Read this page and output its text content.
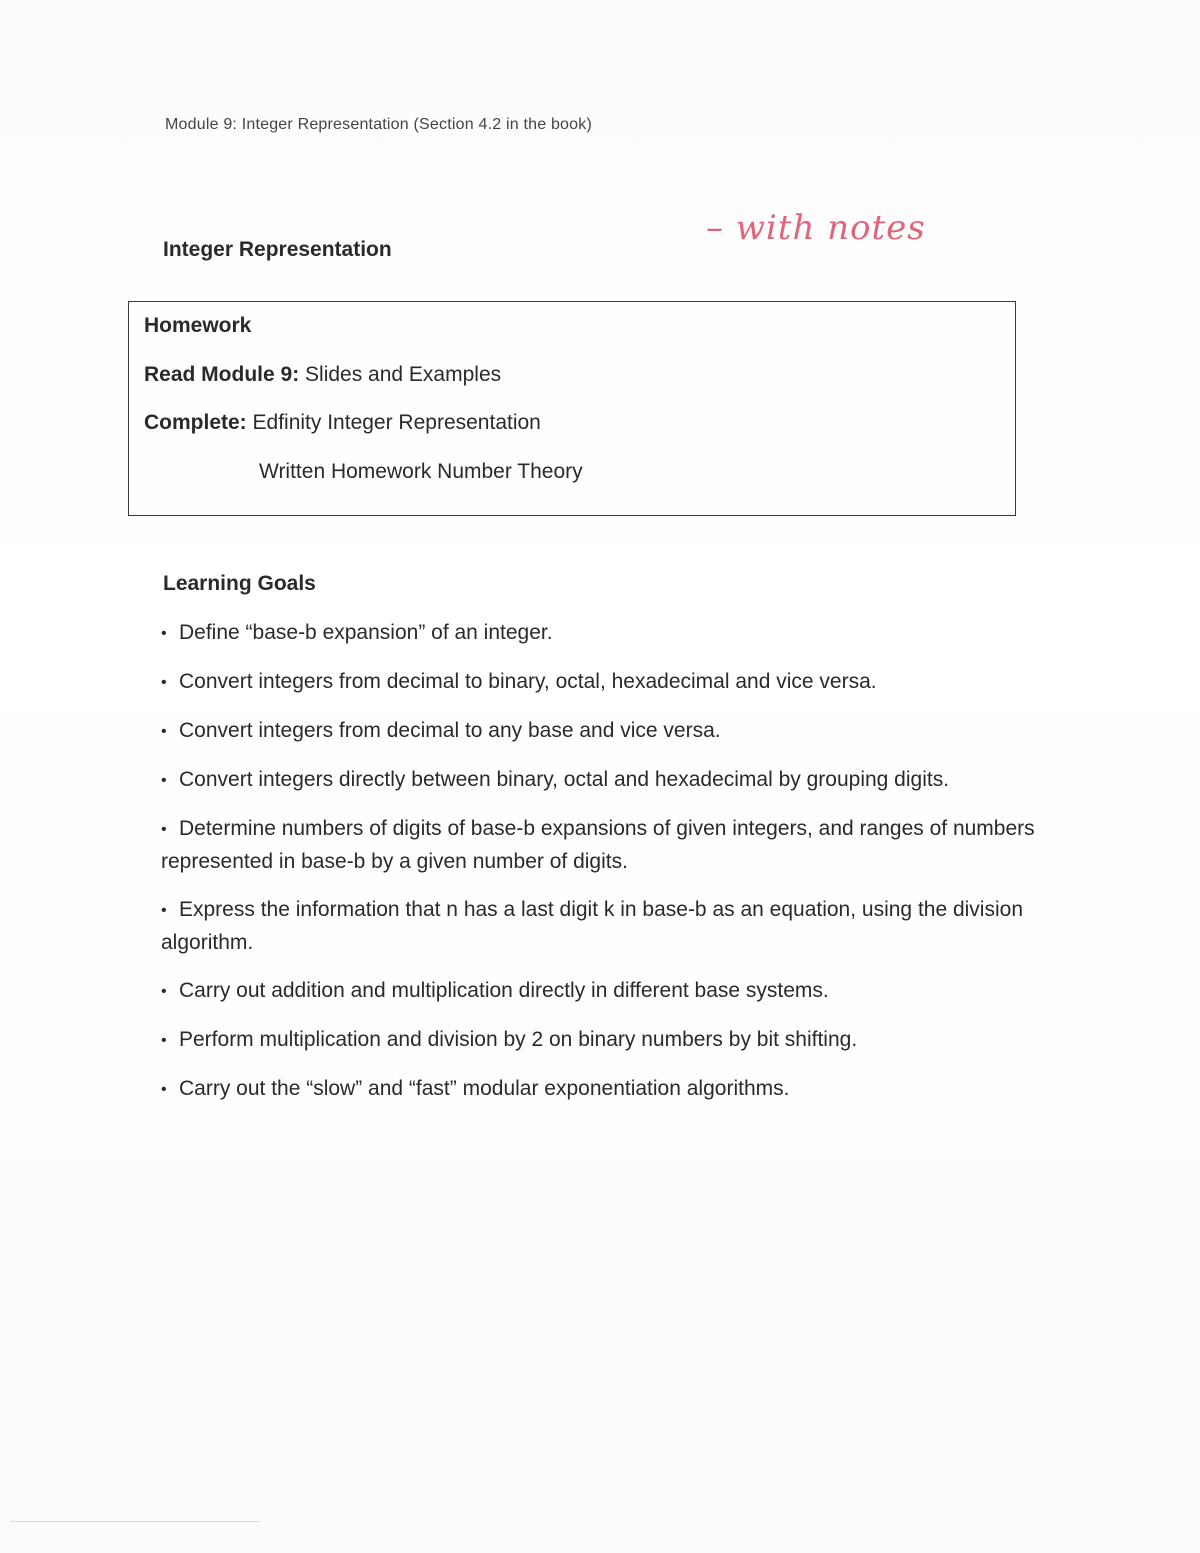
Module 9: Integer Representation (Section 4.2 in the book)
Integer Representation
– with notes
Homework
Read Module 9: Slides and Examples
Complete: Edfinity Integer Representation
Written Homework Number Theory
Learning Goals
• Define “base-b expansion” of an integer.
• Convert integers from decimal to binary, octal, hexadecimal and vice versa.
• Convert integers from decimal to any base and vice versa.
• Convert integers directly between binary, octal and hexadecimal by grouping digits.
• Determine numbers of digits of base-b expansions of given integers, and ranges of numbers represented in base-b by a given number of digits.
• Express the information that n has a last digit k in base-b as an equation, using the division algorithm.
• Carry out addition and multiplication directly in different base systems.
• Perform multiplication and division by 2 on binary numbers by bit shifting.
• Carry out the “slow” and “fast” modular exponentiation algorithms.
